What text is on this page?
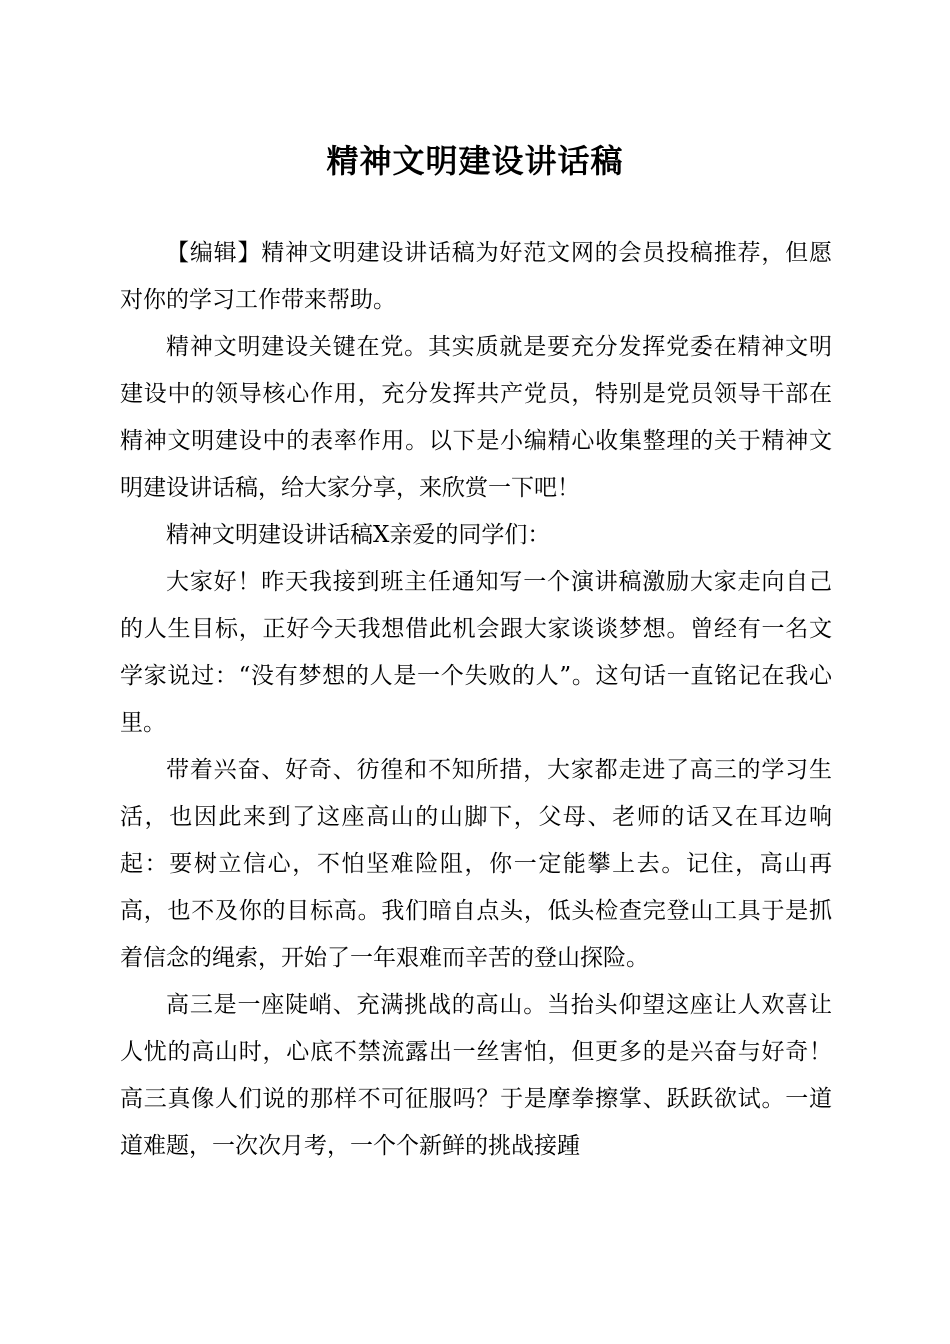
精神文明建设讲话稿

【编辑】精神文明建设讲话稿为好范文网的会员投稿推荐，但愿对你的学习工作带来帮助。

精神文明建设关键在党。其实质就是要充分发挥党委在精神文明建设中的领导核心作用，充分发挥共产党员，特别是党员领导干部在精神文明建设中的表率作用。以下是小编精心收集整理的关于精神文明建设讲话稿，给大家分享，来欣赏一下吧！

精神文明建设讲话稿X亲爱的同学们：

大家好！昨天我接到班主任通知写一个演讲稿激励大家走向自己的人生目标，正好今天我想借此机会跟大家谈谈梦想。曾经有一名文学家说过：“没有梦想的人是一个失败的人”。这句话一直铭记在我心里。

带着兴奋、好奇、彷徨和不知所措，大家都走进了高三的学习生活，也因此来到了这座高山的山脚下，父母、老师的话又在耳边响起：要树立信心，不怕坚难险阻，你一定能攀上去。记住，高山再高，也不及你的目标高。我们暗自点头，低头检查完登山工具于是抓着信念的绳索，开始了一年艰难而辛苦的登山探险。

高三是一座陡峭、充满挑战的高山。当抬头仰望这座让人欢喜让人忧的高山时，心底不禁流露出一丝害怕，但更多的是兴奋与好奇！高三真像人们说的那样不可征服吗？于是摩拳擦掌、跃跃欲试。一道道难题，一次次月考，一个个新鲜的挑战接踵
